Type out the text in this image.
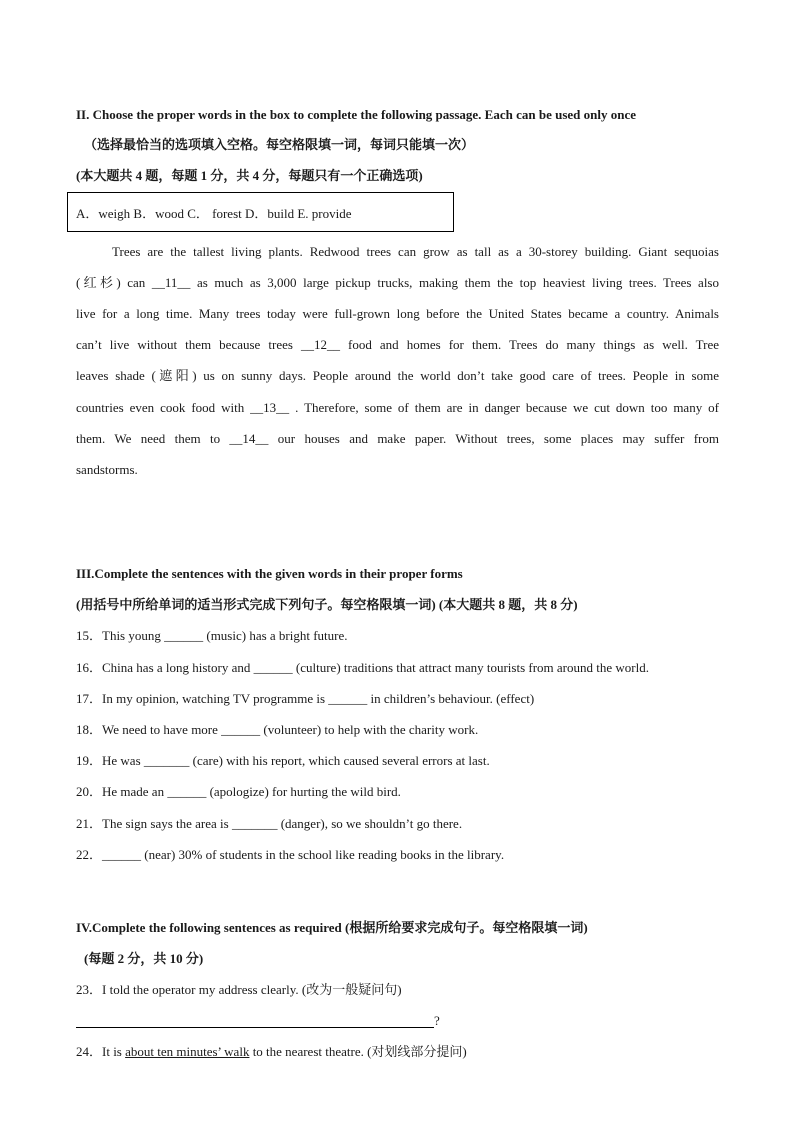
II. Choose the proper words in the box to complete the following passage. Each can be used only once
（选择最恰当的选项填入空格。每空格限填一词，每词只能填一次）
(本大题共 4 题，每题 1 分，共 4 分，每题只有一个正确选项)
A．weigh B．wood C． forest D．build E. provide
Trees are the tallest living plants. Redwood trees can grow as tall as a 30-storey building. Giant sequoias
(红杉) can __11__ as much as 3,000 large pickup trucks, making them the top heaviest living trees. Trees also
live for a long time. Many trees today were full-grown long before the United States became a country. Animals
can’t live without them because trees __12__ food and homes for them. Trees do many things as well. Tree
leaves shade (遮阳) us on sunny days. People around the world don’t take good care of trees. People in some
countries even cook food with __13__ . Therefore, some of them are in danger because we cut down too many of
them. We need them to __14__ our houses and make paper. Without trees, some places may suffer from
sandstorms.
III.Complete the sentences with the given words in their proper forms
(用括号中所给单词的适当形式完成下列句子。每空格限填一词) (本大题共 8 题，共 8 分)
15．This young ______ (music) has a bright future.
16．China has a long history and ______ (culture) traditions that attract many tourists from around the world.
17．In my opinion, watching TV programme is ______ in children’s behaviour. (effect)
18．We need to have more ______ (volunteer) to help with the charity work.
19．He was _______ (care) with his report, which caused several errors at last.
20．He made an ______ (apologize) for hurting the wild bird.
21．The sign says the area is _______ (danger), so we shouldn’t go there.
22．______ (near) 30% of students in the school like reading books in the library.
IV.Complete the following sentences as required (根据所给要求完成句子。每空格限填一词)
(每题 2 分，共 10 分)
23．I told the operator my address clearly. (改为一般疑问句)
?
24．It is about ten minutes’ walk to the nearest theatre. (对划线部分提问)
